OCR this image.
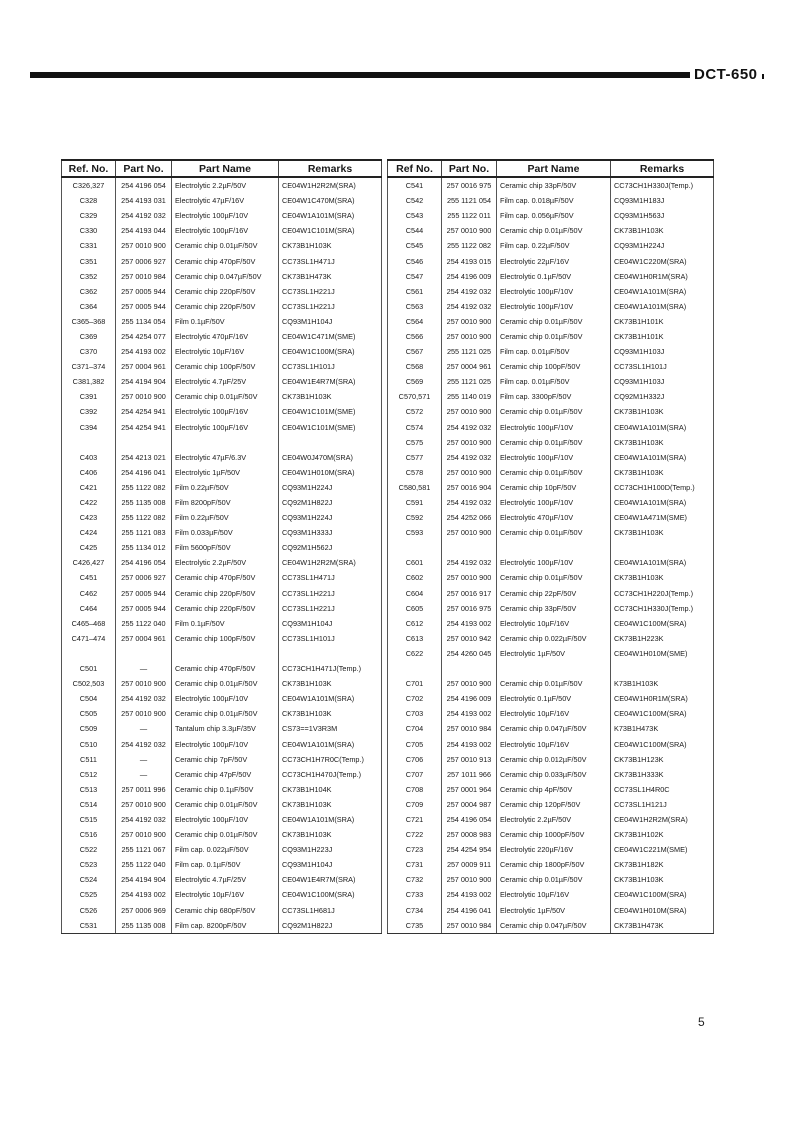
DCT-650
Ref. No.	Part No.	Part Name	Remarks
C326,327	254 4196 054	Electrolytic 2.2µF/50V	CE04W1H2R2M(SRA)
C328	254 4193 031	Electrolytic 47µF/16V	CE04W1C470M(SRA)
C329	254 4192 032	Electrolytic 100µF/10V	CE04W1A101M(SRA)
C330	254 4193 044	Electrolytic 100µF/16V	CE04W1C101M(SRA)
C331	257 0010 900	Ceramic chip 0.01µF/50V	CK73B1H103K
C351	257 0006 927	Ceramic chip 470pF/50V	CC73SL1H471J
C352	257 0010 984	Ceramic chip 0.047µF/50V	CK73B1H473K
C362	257 0005 944	Ceramic chip 220pF/50V	CC73SL1H221J
C364	257 0005 944	Ceramic chip 220pF/50V	CC73SL1H221J
C365–368	255 1134 054	Film 0.1µF/50V	CQ93M1H104J
C369	254 4254 077	Electrolytic 470µF/16V	CE04W1C471M(SME)
C370	254 4193 002	Electrolytic 10µF/16V	CE04W1C100M(SRA)
C371–374	257 0004 961	Ceramic chip 100pF/50V	CC73SL1H101J
C381,382	254 4194 904	Electrolytic 4.7µF/25V	CE04W1E4R7M(SRA)
C391	257 0010 900	Ceramic chip 0.01µF/50V	CK73B1H103K
C392	254 4254 941	Electrolytic 100µF/16V	CE04W1C101M(SME)
C394	254 4254 941	Electrolytic 100µF/16V	CE04W1C101M(SME)

C403	254 4213 021	Electrolytic 47µF/6.3V	CE04W0J470M(SRA)
C406	254 4196 041	Electrolytic 1µF/50V	CE04W1H010M(SRA)
C421	255 1122 082	Film 0.22µF/50V	CQ93M1H224J
C422	255 1135 008	Film 8200pF/50V	CQ92M1H822J
C423	255 1122 082	Film 0.22µF/50V	CQ93M1H224J
C424	255 1121 083	Film 0.033µF/50V	CQ93M1H333J
C425	255 1134 012	Film 5600pF/50V	CQ92M1H562J
C426,427	254 4196 054	Electrolytic 2.2µF/50V	CE04W1H2R2M(SRA)
C451	257 0006 927	Ceramic chip 470pF/50V	CC73SL1H471J
C462	257 0005 944	Ceramic chip 220pF/50V	CC73SL1H221J
C464	257 0005 944	Ceramic chip 220pF/50V	CC73SL1H221J
C465–468	255 1122 040	Film 0.1µF/50V	CQ93M1H104J
C471–474	257 0004 961	Ceramic chip 100pF/50V	CC73SL1H101J

C501	—	Ceramic chip 470pF/50V	CC73CH1H471J(Temp.)
C502,503	257 0010 900	Ceramic chip 0.01µF/50V	CK73B1H103K
C504	254 4192 032	Electrolytic 100µF/10V	CE04W1A101M(SRA)
C505	257 0010 900	Ceramic chip 0.01µF/50V	CK73B1H103K
C509	—	Tantalum chip 3.3µF/35V	CS73==1V3R3M
C510	254 4192 032	Electrolytic 100µF/10V	CE04W1A101M(SRA)
C511	—	Ceramic chip 7pF/50V	CC73CH1H7R0C(Temp.)
C512	—	Ceramic chip 47pF/50V	CC73CH1H470J(Temp.)
C513	257 0011 996	Ceramic chip 0.1µF/50V	CK73B1H104K
C514	257 0010 900	Ceramic chip 0.01µF/50V	CK73B1H103K
C515	254 4192 032	Electrolytic 100µF/10V	CE04W1A101M(SRA)
C516	257 0010 900	Ceramic chip 0.01µF/50V	CK73B1H103K
C522	255 1121 067	Film cap. 0.022µF/50V	CQ93M1H223J
C523	255 1122 040	Film cap. 0.1µF/50V	CQ93M1H104J
C524	254 4194 904	Electrolytic 4.7µF/25V	CE04W1E4R7M(SRA)
C525	254 4193 002	Electrolytic 10µF/16V	CE04W1C100M(SRA)
C526	257 0006 969	Ceramic chip 680pF/50V	CC73SL1H681J
C531	255 1135 008	Film cap. 8200pF/50V	CQ92M1H822J
Ref No.	Part No.	Part Name	Remarks
C541	257 0016 975	Ceramic chip 33pF/50V	CC73CH1H330J(Temp.)
C542	255 1121 054	Film cap. 0.018µF/50V	CQ93M1H183J
C543	255 1122 011	Film cap. 0.056µF/50V	CQ93M1H563J
C544	257 0010 900	Ceramic chip 0.01µF/50V	CK73B1H103K
C545	255 1122 082	Film cap. 0.22µF/50V	CQ93M1H224J
C546	254 4193 015	Electrolytic 22µF/16V	CE04W1C220M(SRA)
C547	254 4196 009	Electrolytic 0.1µF/50V	CE04W1H0R1M(SRA)
C561	254 4192 032	Electrolytic 100µF/10V	CE04W1A101M(SRA)
C563	254 4192 032	Electrolytic 100µF/10V	CE04W1A101M(SRA)
C564	257 0010 900	Ceramic chip 0.01µF/50V	CK73B1H101K
C566	257 0010 900	Ceramic chip 0.01µF/50V	CK73B1H101K
C567	255 1121 025	Film cap. 0.01µF/50V	CQ93M1H103J
C568	257 0004 961	Ceramic chip 100pF/50V	CC73SL1H101J
C569	255 1121 025	Film cap. 0.01µF/50V	CQ93M1H103J
C570,571	255 1140 019	Film cap. 3300pF/50V	CQ92M1H332J
C572	257 0010 900	Ceramic chip 0.01µF/50V	CK73B1H103K
C574	254 4192 032	Electrolytic 100µF/10V	CE04W1A101M(SRA)
C575	257 0010 900	Ceramic chip 0.01µF/50V	CK73B1H103K
C577	254 4192 032	Electrolytic 100µF/10V	CE04W1A101M(SRA)
C578	257 0010 900	Ceramic chip 0.01µF/50V	CK73B1H103K
C580,581	257 0016 904	Ceramic chip 10pF/50V	CC73CH1H100D(Temp.)
C591	254 4192 032	Electrolytic 100µF/10V	CE04W1A101M(SRA)
C592	254 4252 066	Electrolytic 470µF/10V	CE04W1A471M(SME)
C593	257 0010 900	Ceramic chip 0.01µF/50V	CK73B1H103K

C601	254 4192 032	Electrolytic 100µF/10V	CE04W1A101M(SRA)
C602	257 0010 900	Ceramic chip 0.01µF/50V	CK73B1H103K
C604	257 0016 917	Ceramic chip 22pF/50V	CC73CH1H220J(Temp.)
C605	257 0016 975	Ceramic chip 33pF/50V	CC73CH1H330J(Temp.)
C612	254 4193 002	Electrolytic 10µF/16V	CE04W1C100M(SRA)
C613	257 0010 942	Ceramic chip 0.022µF/50V	CK73B1H223K
C622	254 4260 045	Electrolytic 1µF/50V	CE04W1H010M(SME)

C701	257 0010 900	Ceramic chip 0.01µF/50V	K73B1H103K
C702	254 4196 009	Electrolytic 0.1µF/50V	CE04W1H0R1M(SRA)
C703	254 4193 002	Electrolytic 10µF/16V	CE04W1C100M(SRA)
C704	257 0010 984	Ceramic chip 0.047µF/50V	K73B1H473K
C705	254 4193 002	Electrolytic 10µF/16V	CE04W1C100M(SRA)
C706	257 0010 913	Ceramic chip 0.012µF/50V	CK73B1H123K
C707	257 1011 966	Ceramic chip 0.033µF/50V	CK73B1H333K
C708	257 0001 964	Ceramic chip 4pF/50V	CC73SL1H4R0C
C709	257 0004 987	Ceramic chip 120pF/50V	CC73SL1H121J
C721	254 4196 054	Electrolytic 2.2µF/50V	CE04W1H2R2M(SRA)
C722	257 0008 983	Ceramic chip 1000pF/50V	CK73B1H102K
C723	254 4254 954	Electrolytic 220µF/16V	CE04W1C221M(SME)
C731	257 0009 911	Ceramic chip 1800pF/50V	CK73B1H182K
C732	257 0010 900	Ceramic chip 0.01µF/50V	CK73B1H103K
C733	254 4193 002	Electrolytic 10µF/16V	CE04W1C100M(SRA)
C734	254 4196 041	Electrolytic 1µF/50V	CE04W1H010M(SRA)
C735	257 0010 984	Ceramic chip 0.047µF/50V	CK73B1H473K
5
